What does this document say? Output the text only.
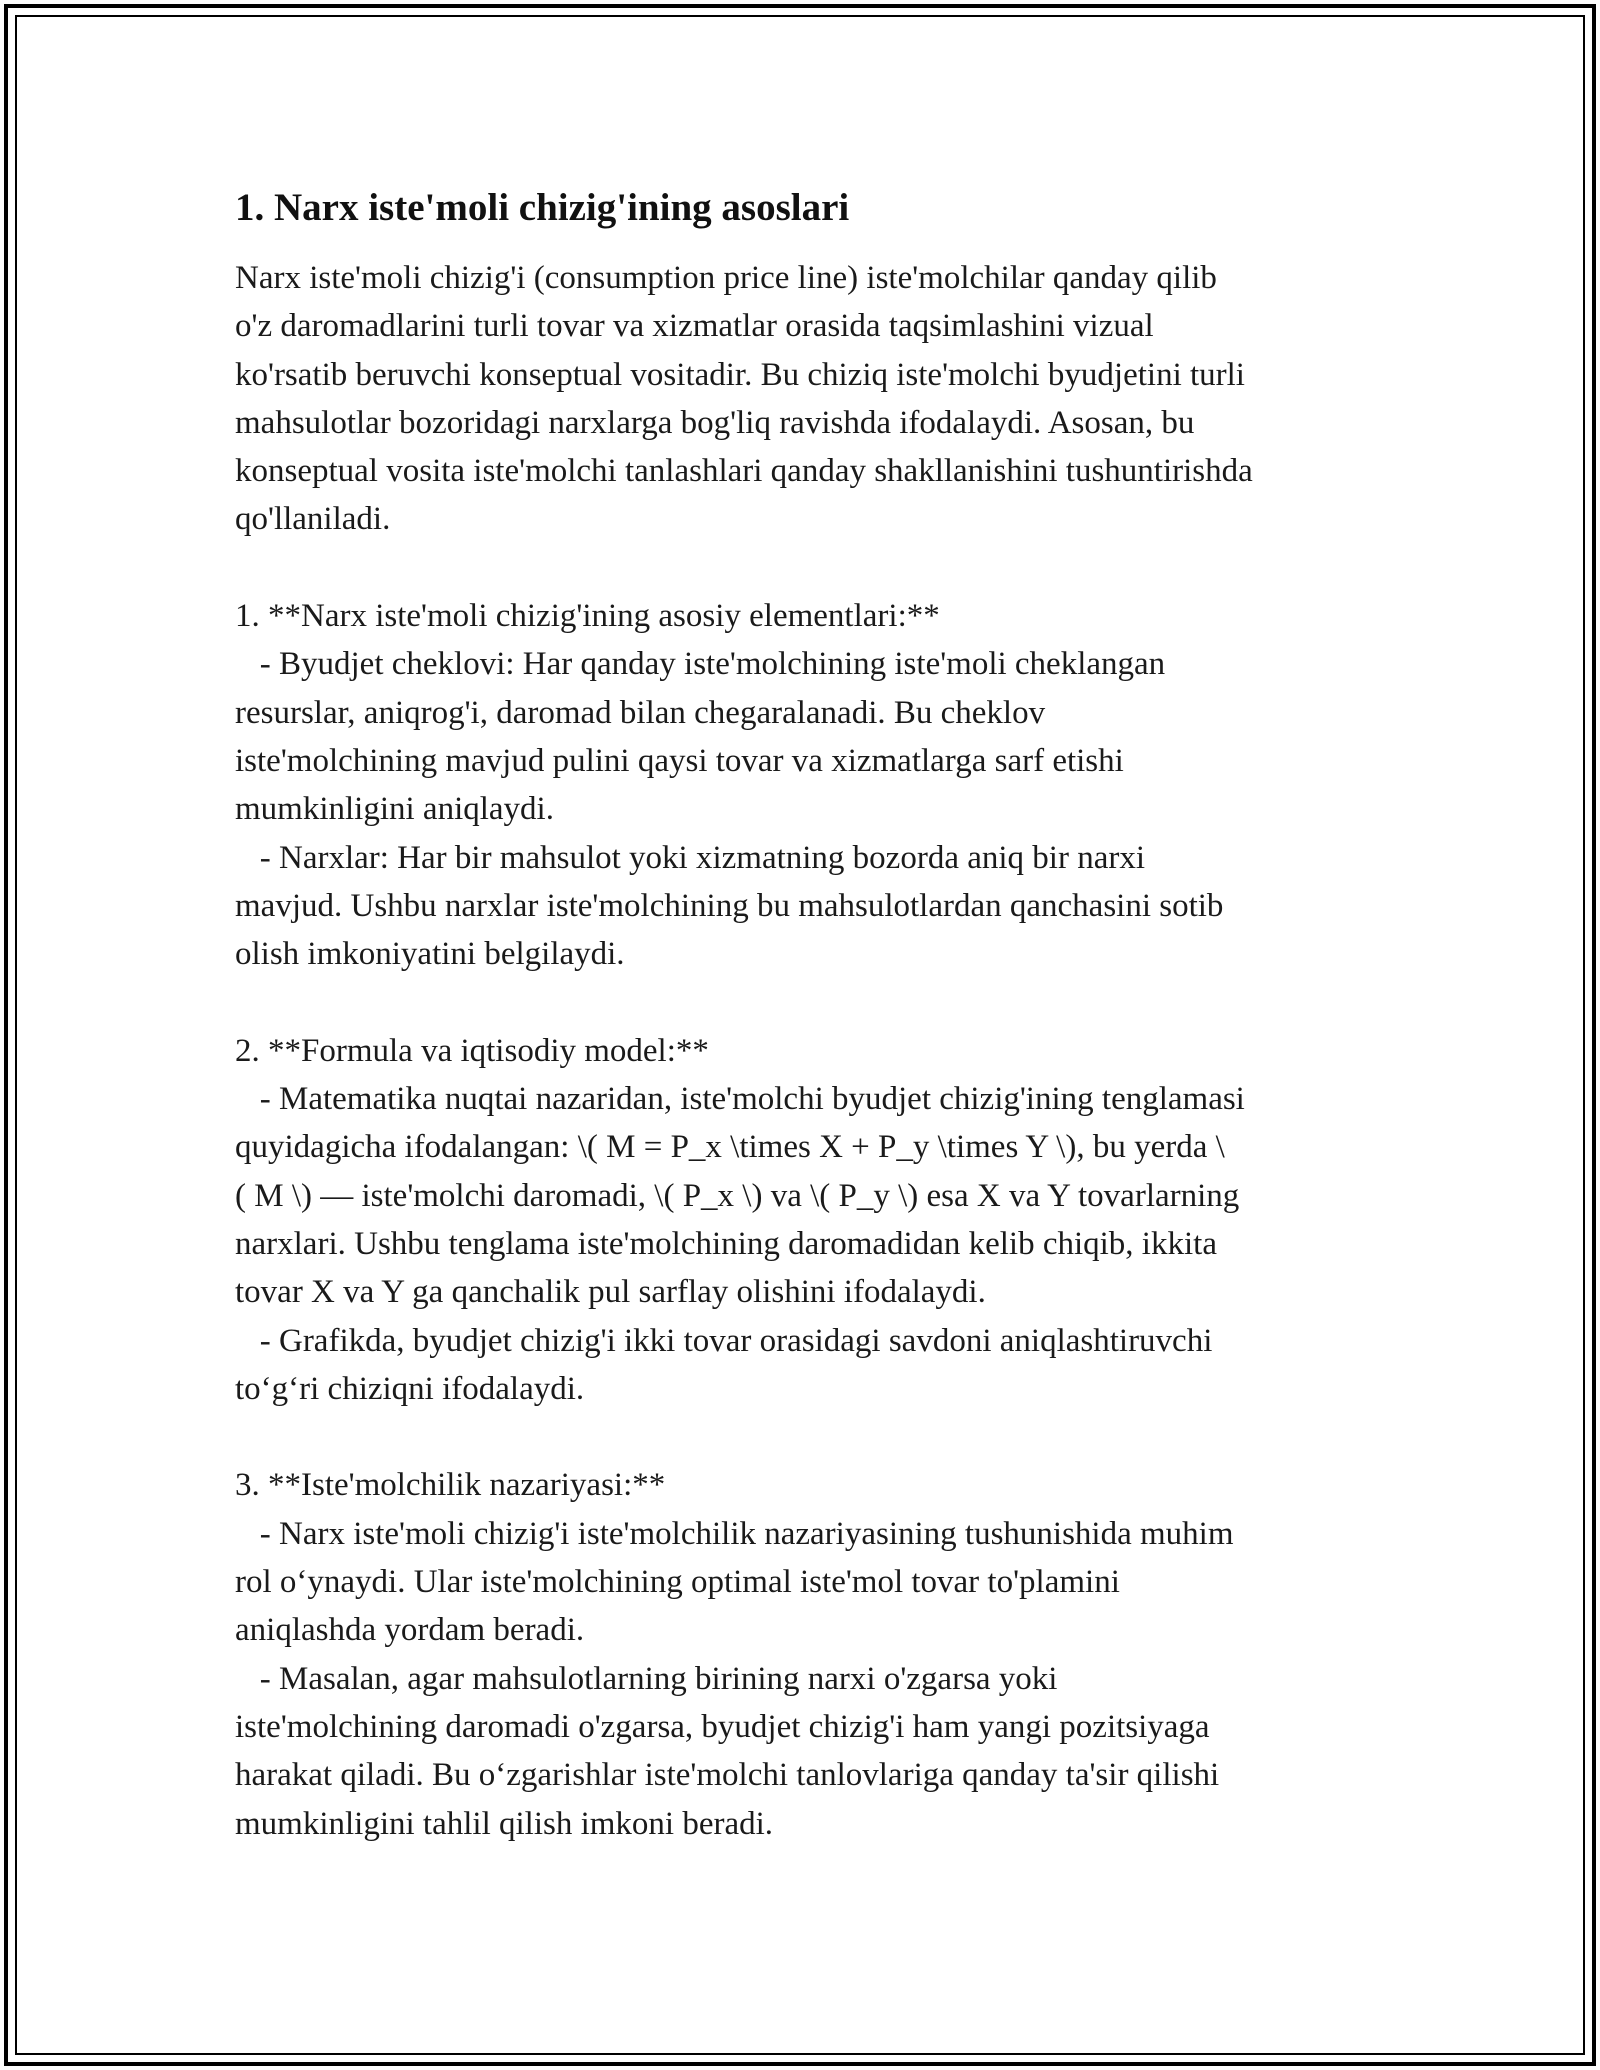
1. Narx iste'moli chizig'ining asoslari
Narx iste'moli chizig'i (consumption price line) iste'molchilar qanday qilib
o'z daromadlarini turli tovar va xizmatlar orasida taqsimlashini vizual
ko'rsatib beruvchi konseptual vositadir. Bu chiziq iste'molchi byudjetini turli
mahsulotlar bozoridagi narxlarga bog'liq ravishda ifodalaydi. Asosan, bu
konseptual vosita iste'molchi tanlashlari qanday shakllanishini tushuntirishda
qo'llaniladi.
1. **Narx iste'moli chizig'ining asosiy elementlari:**
- Byudjet cheklovi: Har qanday iste'molchining iste'moli cheklangan
resurslar, aniqrog'i, daromad bilan chegaralanadi. Bu cheklov
iste'molchining mavjud pulini qaysi tovar va xizmatlarga sarf etishi
mumkinligini aniqlaydi.
- Narxlar: Har bir mahsulot yoki xizmatning bozorda aniq bir narxi
mavjud. Ushbu narxlar iste'molchining bu mahsulotlardan qanchasini sotib
olish imkoniyatini belgilaydi.
2. **Formula va iqtisodiy model:**
- Matematika nuqtai nazaridan, iste'molchi byudjet chizig'ining tenglamasi
quyidagicha ifodalangan: \( M = P_x \times X + P_y \times Y \), bu yerda \
( M \) — iste'molchi daromadi, \( P_x \) va \( P_y \) esa X va Y tovarlarning
narxlari. Ushbu tenglama iste'molchining daromadidan kelib chiqib, ikkita
tovar X va Y ga qanchalik pul sarflay olishini ifodalaydi.
- Grafikda, byudjet chizig'i ikki tovar orasidagi savdoni aniqlashtiruvchi
to‘g‘ri chiziqni ifodalaydi.
3. **Iste'molchilik nazariyasi:**
- Narx iste'moli chizig'i iste'molchilik nazariyasining tushunishida muhim
rol o‘ynaydi. Ular iste'molchining optimal iste'mol tovar to'plamini
aniqlashda yordam beradi.
- Masalan, agar mahsulotlarning birining narxi o'zgarsa yoki
iste'molchining daromadi o'zgarsa, byudjet chizig'i ham yangi pozitsiyaga
harakat qiladi. Bu o‘zgarishlar iste'molchi tanlovlariga qanday ta'sir qilishi
mumkinligini tahlil qilish imkoni beradi.
